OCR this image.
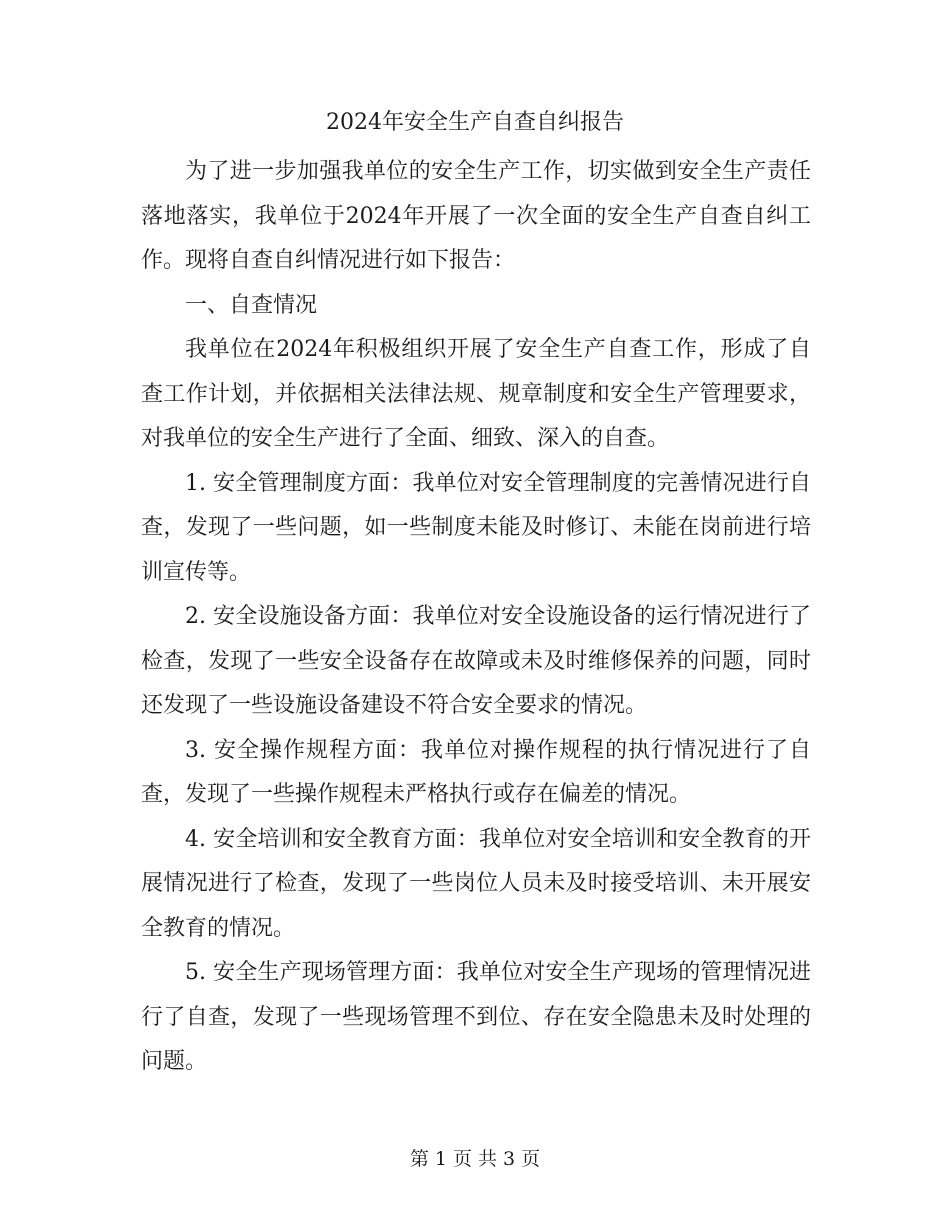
2024年安全生产自查自纠报告

为了进一步加强我单位的安全生产工作，切实做到安全生产责任落地落实，我单位于2024年开展了一次全面的安全生产自查自纠工作。现将自查自纠情况进行如下报告：

一、自查情况

我单位在2024年积极组织开展了安全生产自查工作，形成了自查工作计划，并依据相关法律法规、规章制度和安全生产管理要求，对我单位的安全生产进行了全面、细致、深入的自查。

1. 安全管理制度方面：我单位对安全管理制度的完善情况进行自查，发现了一些问题，如一些制度未能及时修订、未能在岗前进行培训宣传等。

2. 安全设施设备方面：我单位对安全设施设备的运行情况进行了检查，发现了一些安全设备存在故障或未及时维修保养的问题，同时还发现了一些设施设备建设不符合安全要求的情况。

3. 安全操作规程方面：我单位对操作规程的执行情况进行了自查，发现了一些操作规程未严格执行或存在偏差的情况。

4. 安全培训和安全教育方面：我单位对安全培训和安全教育的开展情况进行了检查，发现了一些岗位人员未及时接受培训、未开展安全教育的情况。

5. 安全生产现场管理方面：我单位对安全生产现场的管理情况进行了自查，发现了一些现场管理不到位、存在安全隐患未及时处理的问题。

第 1 页 共 3 页
